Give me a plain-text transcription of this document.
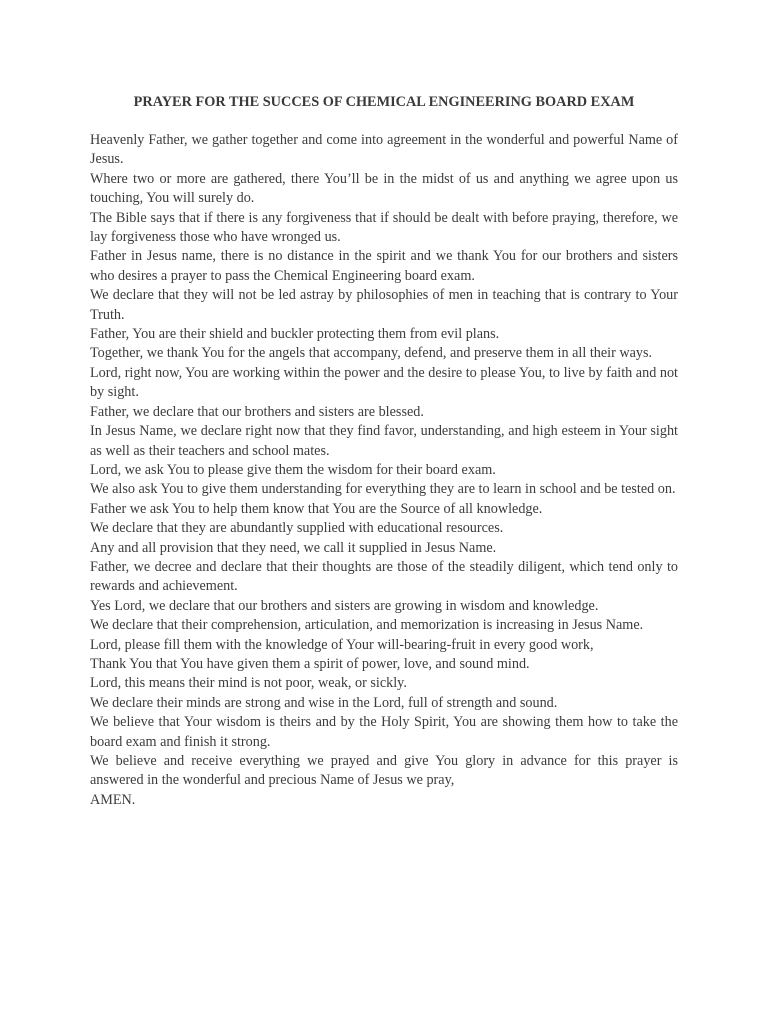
PRAYER FOR THE SUCCES OF CHEMICAL ENGINEERING BOARD EXAM

Heavenly Father, we gather together and come into agreement in the wonderful and powerful Name of Jesus.

Where two or more are gathered, there You’ll be in the midst of us and anything we agree upon us touching, You will surely do.

The Bible says that if there is any forgiveness that if should be dealt with before praying, therefore, we lay forgiveness those who have wronged us.

Father in Jesus name, there is no distance in the spirit and we thank You for our brothers and sisters who desires a prayer to pass the Chemical Engineering board exam.

We declare that they will not be led astray by philosophies of men in teaching that is contrary to Your Truth.

Father, You are their shield and buckler protecting them from evil plans.

Together, we thank You for the angels that accompany, defend, and preserve them in all their ways.

Lord, right now, You are working within the power and the desire to please You, to live by faith and not by sight.

Father, we declare that our brothers and sisters are blessed.

In Jesus Name, we declare right now that they find favor, understanding, and high esteem in Your sight as well as their teachers and school mates.

Lord, we ask You to please give them the wisdom for their board exam.

We also ask You to give them understanding for everything they are to learn in school and be tested on.

Father we ask You to help them know that You are the Source of all knowledge.

We declare that they are abundantly supplied with educational resources.

Any and all provision that they need, we call it supplied in Jesus Name.

Father, we decree and declare that their thoughts are those of the steadily diligent, which tend only to rewards and achievement.

Yes Lord, we declare that our brothers and sisters are growing in wisdom and knowledge.

We declare that their comprehension, articulation, and memorization is increasing in Jesus Name.

Lord, please fill them with the knowledge of Your will-bearing-fruit in every good work,

Thank You that You have given them a spirit of power, love, and sound mind.

Lord, this means their mind is not poor, weak, or sickly.

We declare their minds are strong and wise in the Lord, full of strength and sound.

We believe that Your wisdom is theirs and by the Holy Spirit, You are showing them how to take the board exam and finish it strong.

We believe and receive everything we prayed and give You glory in advance for this prayer is answered in the wonderful and precious Name of Jesus we pray,

AMEN.
